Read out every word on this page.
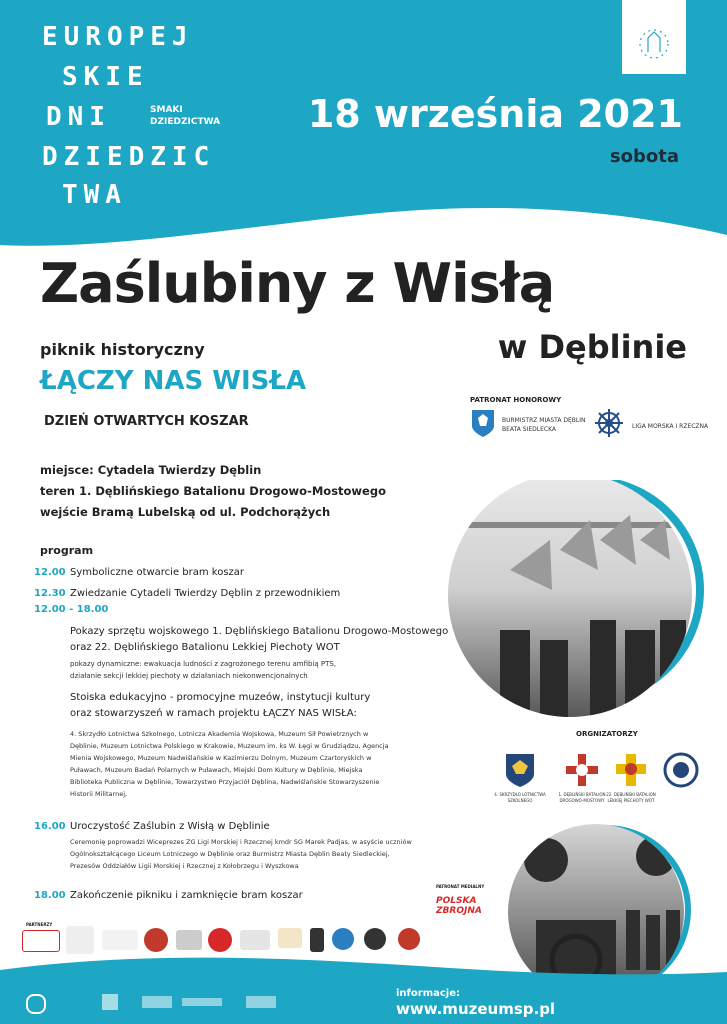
EUROPEJ
SKIE
DNI
DZIEDZIC
TWA
SMAKI
DZIEDZICTWA 18 września 2021
sobota
Zaślubiny z Wisłą
w Dęblinie
piknik historyczny
ŁĄCZY NAS WISŁA
DZIEŃ OTWARTYCH KOSZAR
PATRONAT HONOROWY
BURMISTRZ MIASTA DĘBLIN BEATA SIEDLECKA	LIGA MORSKA I RZECZNA
miejsce: Cytadela Twierdzy Dęblin
teren 1. Dęblińskiego Batalionu Drogowo-Mostowego
wejście Bramą Lubelską od ul. Podchorążych
program
12.00 Symboliczne otwarcie bram koszar
12.30 Zwiedzanie Cytadeli Twierdzy Dęblin z przewodnikiem
12.00 - 18.00
Pokazy sprzętu wojskowego 1. Dęblińskiego Batalionu Drogowo-Mostowego
oraz 22. Dęblińskiego Batalionu Lekkiej Piechoty WOT
pokazy dynamiczne: ewakuacja ludności z zagrożonego terenu amfibią PTS,
działanie sekcji lekkiej piechoty w działaniach niekonwencjonalnych
Stoiska edukacyjno - promocyjne muzeów, instytucji kultury
oraz stowarzyszeń w ramach projektu ŁĄCZY NAS WISŁA:
4. Skrzydło Lotnictwa Szkolnego, Lotnicza Akademia Wojskowa, Muzeum Sił Powietrznych w
Dęblinie, Muzeum Lotnictwa Polskiego w Krakowie, Muzeum im. ks W. Łęgi w Grudziądzu, Agencja
Mienia Wojskowego, Muzeum Nadwiślańskie w Kazimierzu Dolnym, Muzeum Czartoryskich w
Puławach, Muzeum Badań Polarnych w Puławach, Miejski Dom Kultury w Dęblinie, Miejska
Biblioteka Publiczna w Dęblinie, Towarzystwo Przyjaciół Dęblina, Nadwiślańskie Stowarzyszenie
Historii Militarnej,
16.00 Uroczystość Zaślubin z Wisłą w Dęblinie
Ceremonię poprowadzi Wiceprezes ZG Ligi Morskiej i Rzecznej kmdr SG Marek Padjas, w asyście uczniów
Ogólnokształcącego Liceum Lotniczego w Dęblinie oraz Burmistrz Miasta Dęblin Beaty Siedleckiej,
Prezesów Oddziałów Ligii Morskiej i Rzecznej z Kołobrzegu i Wyszkowa
18.00 Zakończenie pikniku i zamknięcie bram koszar
ORGNIZATORZY
4. SKRZYDŁO LOTNICTWA SZKOLNEGO
1. DĘBLIŃSKI BATALION DROGOWO-MOSTOWY
22. DĘBLIŃSKI BATALION LEKKIEJ PIECHOTY WOT
PATRONAT MEDIALNY
POLSKA ZBROJNA
PARTNERZY
informacje:
www.muzeumsp.pl
